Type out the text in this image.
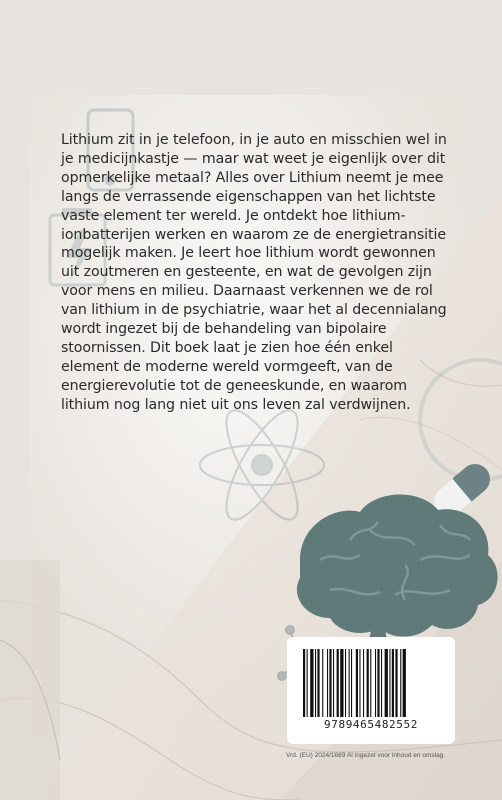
Lithium zit in je telefoon, in je auto en misschien wel in je medicijnkastje — maar wat weet je eigenlijk over dit opmerkelijke metaal? Alles over Lithium neemt je mee langs de verrassende eigenschappen van het lichtste vaste element ter wereld. Je ontdekt hoe lithium-ionbatterijen werken en waarom ze de energietransitie mogelijk maken. Je leert hoe lithium wordt gewonnen uit zoutmeren en gesteente, en wat de gevolgen zijn voor mens en milieu. Daarnaast verkennen we de rol van lithium in de psychiatrie, waar het al decennialang wordt ingezet bij de behandeling van bipolaire stoornissen. Dit boek laat je zien hoe één enkel element de moderne wereld vormgeeft, van de energierevolutie tot de geneeskunde, en waarom lithium nog lang niet uit ons leven zal verdwijnen.

9789465482552
Vrd. (EU) 2024/1689 AI ingezet voor inhoud en omslag.
